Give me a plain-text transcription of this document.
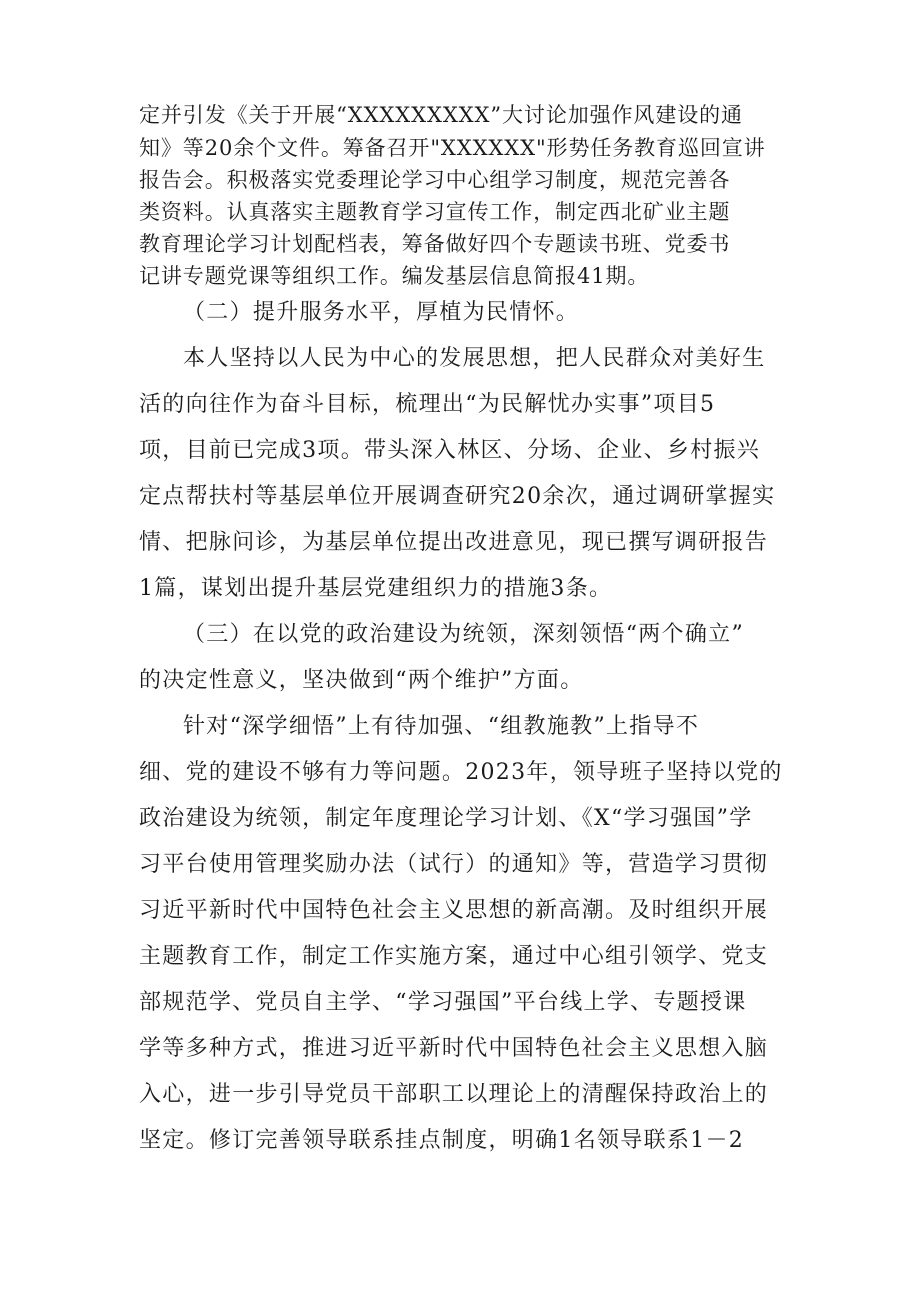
定并引发《关于开展“XXXXXXXXX”大讨论加强作风建设的通
知》等20余个文件。筹备召开"XXXXXX"形势任务教育巡回宣讲
报告会。积极落实党委理论学习中心组学习制度，规范完善各
类资料。认真落实主题教育学习宣传工作，制定西北矿业主题
教育理论学习计划配档表，筹备做好四个专题读书班、党委书
记讲专题党课等组织工作。编发基层信息简报41期。
（二）提升服务水平，厚植为民情怀。
本人坚持以人民为中心的发展思想，把人民群众对美好生
活的向往作为奋斗目标，梳理出“为民解忧办实事”项目5
项，目前已完成3项。带头深入林区、分场、企业、乡村振兴
定点帮扶村等基层单位开展调查研究20余次，通过调研掌握实
情、把脉问诊，为基层单位提出改进意见，现已撰写调研报告
1篇，谋划出提升基层党建组织力的措施3条。
（三）在以党的政治建设为统领，深刻领悟“两个确立”
的决定性意义，坚决做到“两个维护”方面。
针对“深学细悟”上有待加强、“组教施教”上指导不
细、党的建设不够有力等问题。2023年，领导班子坚持以党的
政治建设为统领，制定年度理论学习计划、《X“学习强国”学
习平台使用管理奖励办法（试行）的通知》等，营造学习贯彻
习近平新时代中国特色社会主义思想的新高潮。及时组织开展
主题教育工作，制定工作实施方案，通过中心组引领学、党支
部规范学、党员自主学、“学习强国”平台线上学、专题授课
学等多种方式，推进习近平新时代中国特色社会主义思想入脑
入心，进一步引导党员干部职工以理论上的清醒保持政治上的
坚定。修订完善领导联系挂点制度，明确1名领导联系1－2
